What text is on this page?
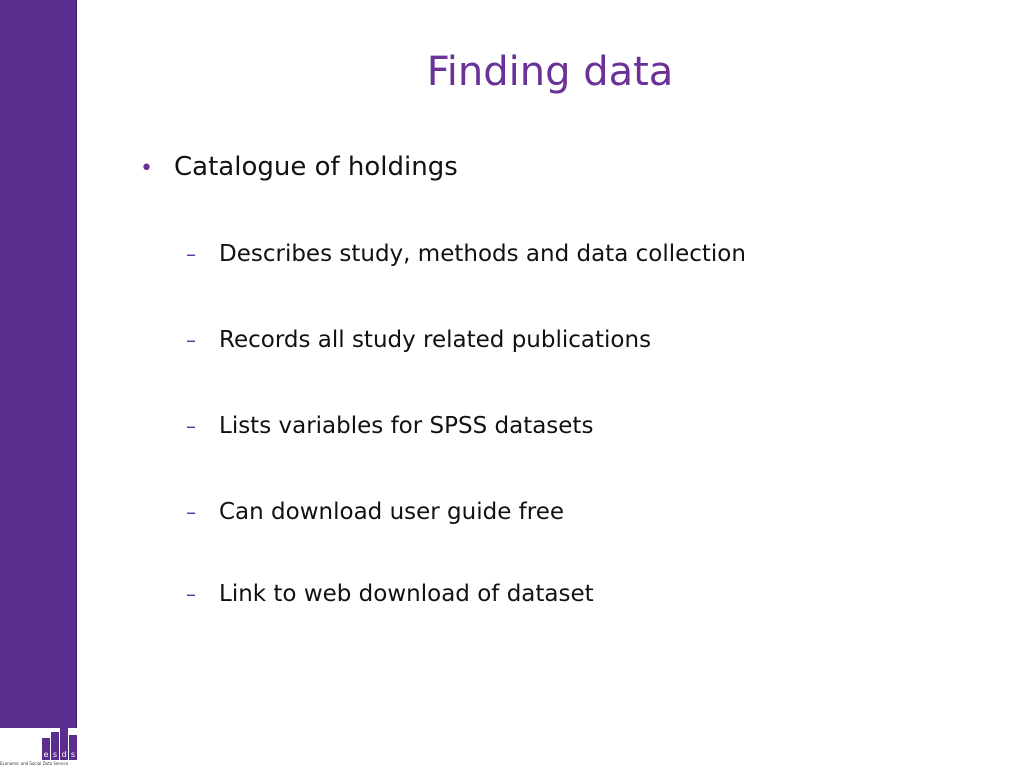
Finding data
• Catalogue of holdings
– Describes study, methods and data collection
– Records all study related publications
– Lists variables for SPSS datasets
– Can download user guide free
– Link to web download of dataset
e s d s
Economic and Social Data Service
